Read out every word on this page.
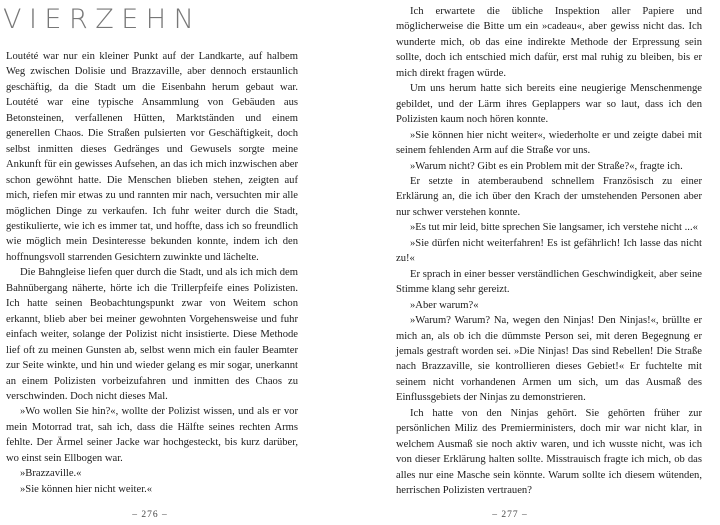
VIERZEHN

Loutété war nur ein kleiner Punkt auf der Landkarte, auf halbem Weg zwischen Dolisie und Brazzaville, aber dennoch erstaunlich geschäftig, da die Stadt um die Eisenbahn herum gebaut war. Loutété war eine typische Ansammlung von Gebäuden aus Betonsteinen, verfallenen Hütten, Marktständen und einem generellen Chaos. Die Straßen pulsierten vor Geschäftigkeit, doch selbst inmitten dieses Gedränges und Gewusels sorgte meine Ankunft für ein gewisses Aufsehen, an das ich mich inzwischen aber schon gewöhnt hatte. Die Menschen blieben stehen, zeigten auf mich, riefen mir etwas zu und rannten mir nach, versuchten mir alle möglichen Dinge zu verkaufen. Ich fuhr weiter durch die Stadt, gestikulierte, wie ich es immer tat, und hoffte, dass ich so freundlich wie möglich mein Desinteresse bekunden konnte, indem ich den hoffnungsvoll starrenden Gesichtern zuwinkte und lächelte.

Die Bahngleise liefen quer durch die Stadt, und als ich mich dem Bahnübergang näherte, hörte ich die Trillerpfeife eines Polizisten. Ich hatte seinen Beobachtungspunkt zwar von Weitem schon erkannt, blieb aber bei meiner gewohnten Vorgehensweise und fuhr einfach weiter, solange der Polizist nicht insistierte. Diese Methode lief oft zu meinen Gunsten ab, selbst wenn mich ein fauler Beamter zur Seite winkte, und hin und wieder gelang es mir sogar, unerkannt an einem Polizisten vorbeizufahren und inmitten des Chaos zu verschwinden. Doch nicht dieses Mal.

»Wo wollen Sie hin?«, wollte der Polizist wissen, und als er vor mein Motorrad trat, sah ich, dass die Hälfte seines rechten Arms fehlte. Der Ärmel seiner Jacke war hochgesteckt, bis kurz darüber, wo einst sein Ellbogen war.

»Brazzaville.«

»Sie können hier nicht weiter.«

– 276 –

Ich erwartete die übliche Inspektion aller Papiere und möglicherweise die Bitte um ein »cadeau«, aber gewiss nicht das. Ich wunderte mich, ob das eine indirekte Methode der Erpressung sein sollte, doch ich entschied mich dafür, erst mal ruhig zu bleiben, bis er mich direkt fragen würde.

Um uns herum hatte sich bereits eine neugierige Menschenmenge gebildet, und der Lärm ihres Geplappers war so laut, dass ich den Polizisten kaum noch hören konnte.

»Sie können hier nicht weiter«, wiederholte er und zeigte dabei mit seinem fehlenden Arm auf die Straße vor uns.

»Warum nicht? Gibt es ein Problem mit der Straße?«, fragte ich.

Er setzte in atemberaubend schnellem Französisch zu einer Erklärung an, die ich über den Krach der umstehenden Personen aber nur schwer verstehen konnte.

»Es tut mir leid, bitte sprechen Sie langsamer, ich verstehe nicht ...«

»Sie dürfen nicht weiterfahren! Es ist gefährlich! Ich lasse das nicht zu!«

Er sprach in einer besser verständlichen Geschwindigkeit, aber seine Stimme klang sehr gereizt.

»Aber warum?«

»Warum? Warum? Na, wegen den Ninjas! Den Ninjas!«, brüllte er mich an, als ob ich die dümmste Person sei, mit deren Begegnung er jemals gestraft worden sei. »Die Ninjas! Das sind Rebellen! Die Straße nach Brazzaville, sie kontrollieren dieses Gebiet!« Er fuchtelte mit seinem nicht vorhandenen Armen um sich, um das Ausmaß des Einflussgebiets der Ninjas zu demonstrieren.

Ich hatte von den Ninjas gehört. Sie gehörten früher zur persönlichen Miliz des Premierministers, doch mir war nicht klar, in welchem Ausmaß sie noch aktiv waren, und ich wusste nicht, was ich von dieser Erklärung halten sollte. Misstrauisch fragte ich mich, ob das alles nur eine Masche sein könnte. Warum sollte ich diesem wütenden, herrischen Polizisten vertrauen?

– 277 –
